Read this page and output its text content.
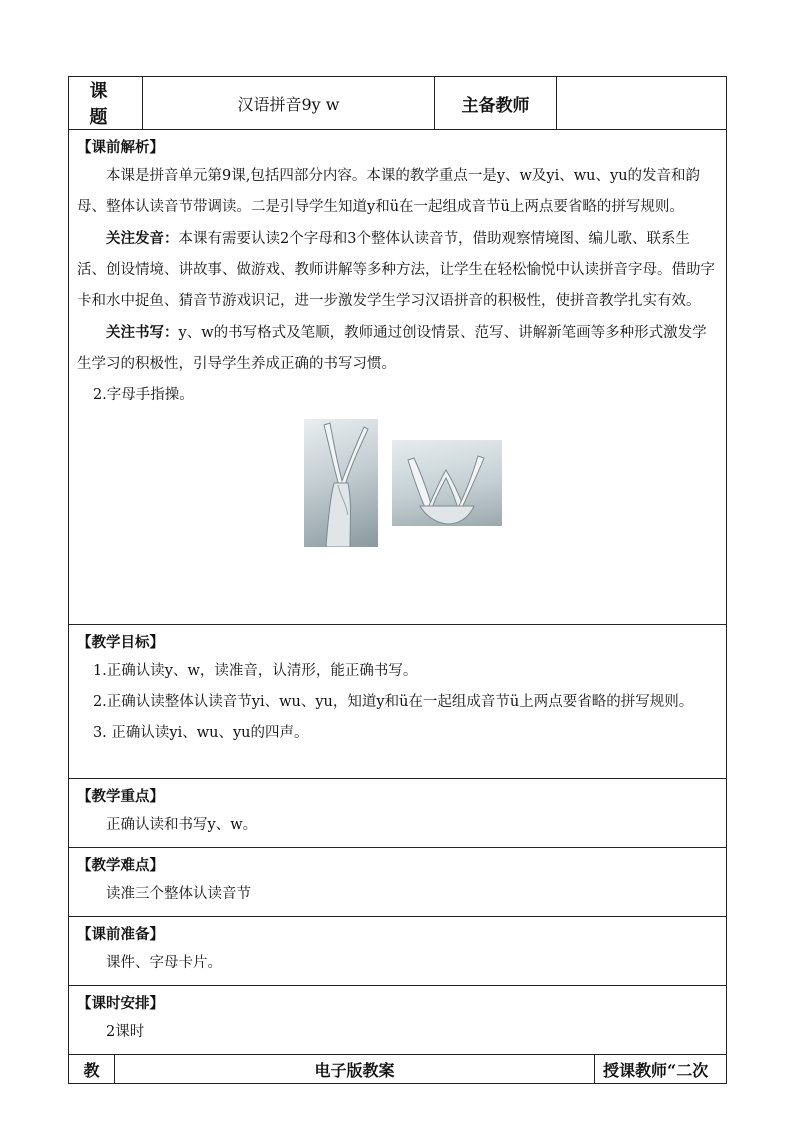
课 题	汉语拼音9y w	主备教师	

【课前解析】

本课是拼音单元第9课,包括四部分内容。本课的教学重点一是y、w及yi、wu、yu的发音和韵母、整体认读音节带调读。二是引导学生知道y和ü在一起组成音节ü上两点要省略的拼写规则。

关注发音：本课有需要认读2个字母和3个整体认读音节，借助观察情境图、编儿歌、联系生活、创设情境、讲故事、做游戏、教师讲解等多种方法，让学生在轻松愉悦中认读拼音字母。借助字卡和水中捉鱼、猜音节游戏识记，进一步激发学生学习汉语拼音的积极性，使拼音教学扎实有效。

关注书写：y、w的书写格式及笔顺，教师通过创设情景、范写、讲解新笔画等多种形式激发学生学习的积极性，引导学生养成正确的书写习惯。

2.字母手指操。

【教学目标】

1.正确认读y、w，读准音，认清形，能正确书写。

2.正确认读整体认读音节yi、wu、yu，知道y和ü在一起组成音节ü上两点要省略的拼写规则。

3. 正确认读yi、wu、yu的四声。

【教学重点】

正确认读和书写y、w。

【教学难点】

读准三个整体认读音节

【课前准备】

课件、字母卡片。

【课时安排】

2课时

教	电子版教案	授课教师“二次
